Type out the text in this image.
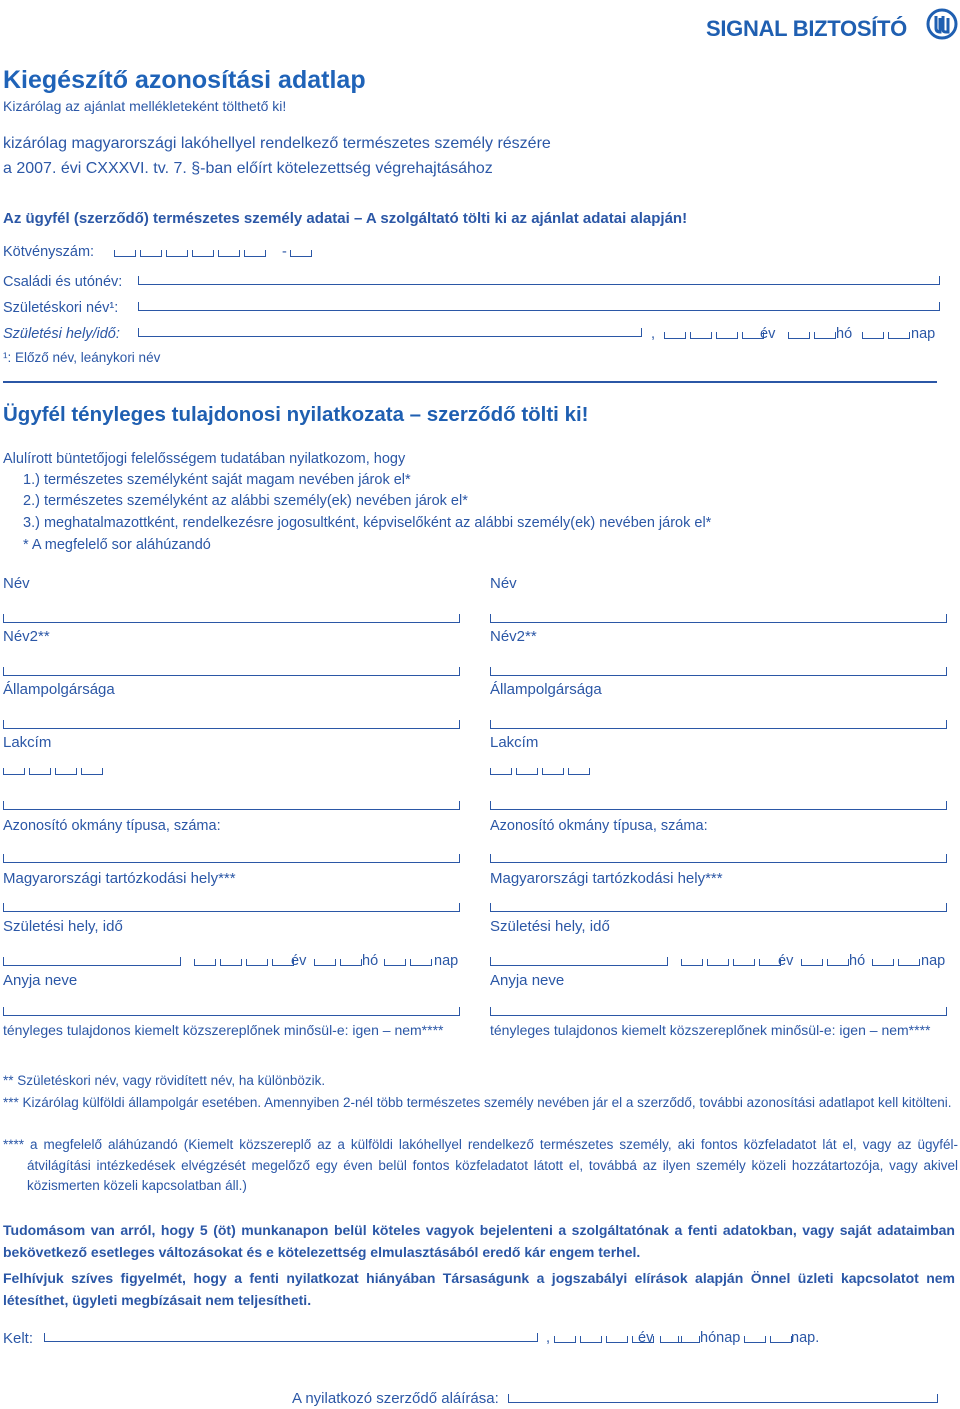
SIGNAL BIZTOSÍTÓ
Kiegészítő azonosítási adatlap
Kizárólag az ajánlat mellékleteként tölthető ki!
kizárólag magyarországi lakóhellyel rendelkező természetes személy részére
a 2007. évi CXXXVI. tv. 7. §-ban előírt kötelezettség végrehajtásához
Az ügyfél (szerződő) természetes személy adatai – A szolgáltató tölti ki az ajánlat adatai alapján!
Kötvényszám:	-
Családi és utónév:
Születéskori név¹:
Születési hely/idő:	,	év	hó	nap
¹: Előző név, leánykori név
Ügyfél tényleges tulajdonosi nyilatkozata – szerződő tölti ki!
Alulírott büntetőjogi felelősségem tudatában nyilatkozom, hogy
1.) természetes személyként saját magam nevében járok el*
2.) természetes személyként az alábbi személy(ek) nevében járok el*
3.) meghatalmazottként, rendelkezésre jogosultként, képviselőként az alábbi személy(ek) nevében járok el*
* A megfelelő sor aláhúzandó
Név
Név2**
Állampolgársága
Lakcím
Azonosító okmány típusa, száma:
Magyarországi tartózkodási hely***
Születési hely, idő
év	hó	nap
Anyja neve
tényleges tulajdonos kiemelt közszereplőnek minősül-e: igen – nem****
Név
Név2**
Állampolgársága
Lakcím
Azonosító okmány típusa, száma:
Magyarországi tartózkodási hely***
Születési hely, idő
év	hó	nap
Anyja neve
tényleges tulajdonos kiemelt közszereplőnek minősül-e: igen – nem****
** Születéskori név, vagy rövidített név, ha különbözik.
*** Kizárólag külföldi állampolgár esetében. Amennyiben 2-nél több természetes személy nevében jár el a szerződő, további azonosítási adatlapot kell kitölteni.
**** a megfelelő aláhúzandó (Kiemelt közszereplő az a külföldi lakóhellyel rendelkező természetes személy, aki fontos közfeladatot lát el, vagy az ügyfél-átvilágítási intézkedések elvégzését megelőző egy éven belül fontos közfeladatot látott el, továbbá az ilyen személy közeli hozzátartozója, vagy akivel közismerten közeli kapcsolatban áll.)
Tudomásom van arról, hogy 5 (öt) munkanapon belül köteles vagyok bejelenteni a szolgáltatónak a fenti adatokban, vagy saját adataimban bekövetkező esetleges változásokat és e kötelezettség elmulasztásából eredő kár engem terhel.
Felhívjuk szíves figyelmét, hogy a fenti nyilatkozat hiányában Társaságunk a jogszabályi elírások alapján Önnel üzleti kapcsolatot nem létesíthet, ügyleti megbízásait nem teljesítheti.
Kelt:	,	év	hónap	nap.
A nyilatkozó szerződő aláírása:
